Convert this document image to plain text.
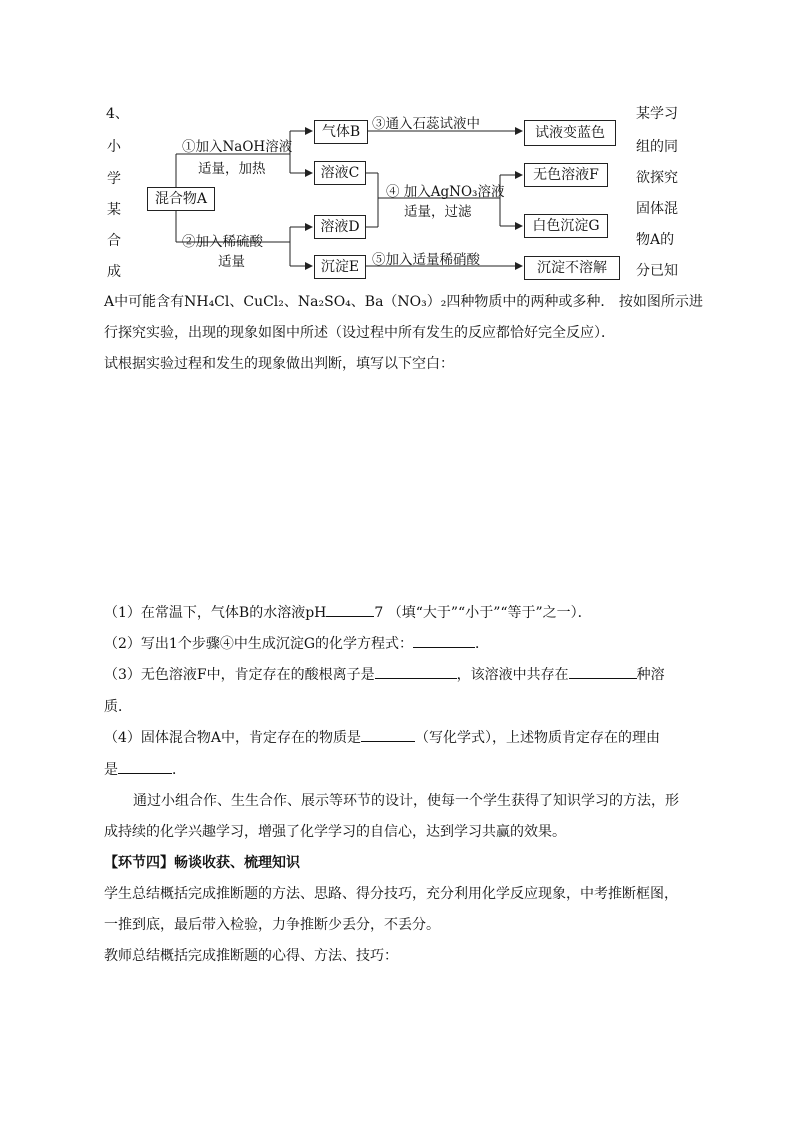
4、
小
学
某
合
成
某学习
组的同
欲探究
固体混
物A的
分已知
混合物A
气体B
溶液C
溶液D
沉淀E
试液变蓝色
无色溶液F
白色沉淀G
沉淀不溶解
①加入NaOH溶液
适量，加热
②加入稀硫酸
适量
③通入石蕊试液中
④ 加入AgNO₃溶液
适量，过滤
⑤加入适量稀硝酸
A中可能含有NH₄Cl、CuCl₂、Na₂SO₄、Ba（NO₃）₂四种物质中的两种或多种． 按如图所示进
行探究实验，出现的现象如图中所述（设过程中所有发生的反应都恰好完全反应）．
试根据实验过程和发生的现象做出判断，填写以下空白：
（1）在常温下，气体B的水溶液pH	7 （填“大于”“小于”“等于”之一）．
（2）写出1个步骤④中生成沉淀G的化学方程式：	．
（3）无色溶液F中，肯定存在的酸根离子是	，该溶液中共存在	种溶
质．
（4）固体混合物A中，肯定存在的物质是	（写化学式），上述物质肯定存在的理由
是	．
通过小组合作、生生合作、展示等环节的设计，使每一个学生获得了知识学习的方法，形
成持续的化学兴趣学习，增强了化学学习的自信心，达到学习共赢的效果。
【环节四】畅谈收获、梳理知识
学生总结概括完成推断题的方法、思路、得分技巧，充分利用化学反应现象，中考推断框图，
一推到底，最后带入检验，力争推断少丢分，不丢分。
教师总结概括完成推断题的心得、方法、技巧：
